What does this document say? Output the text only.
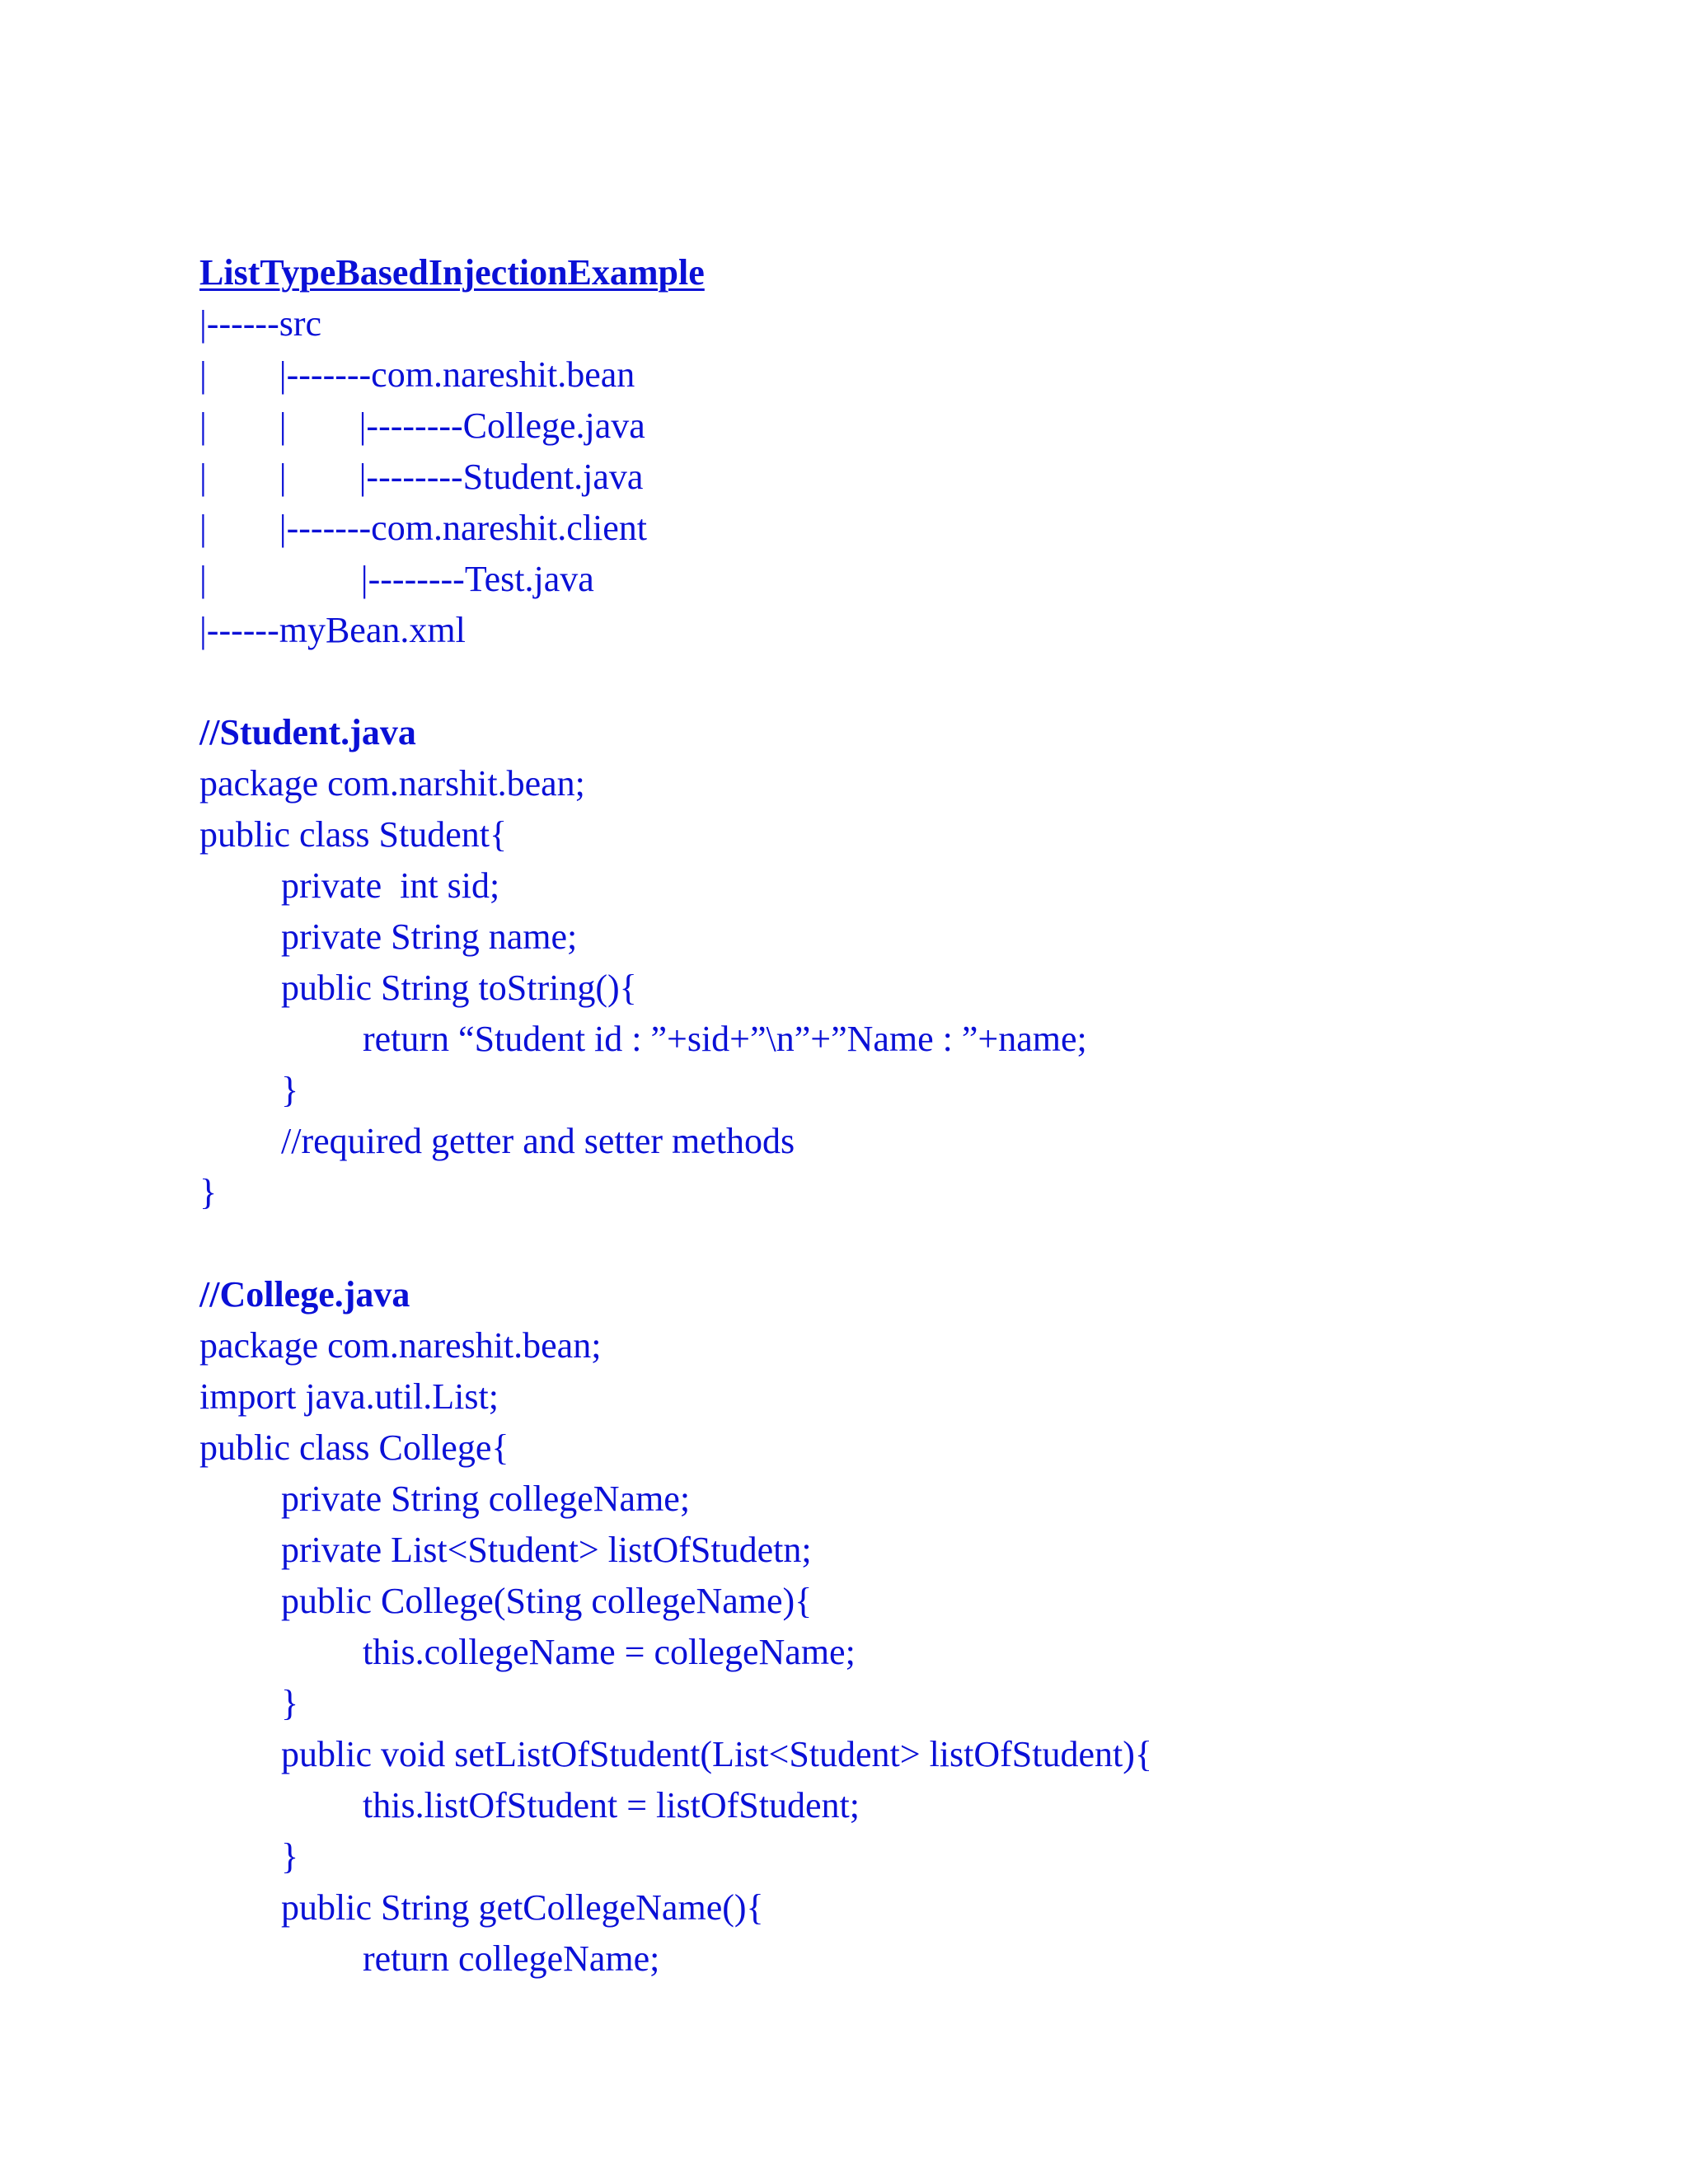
ListTypeBasedInjectionExample
|------src
|        |-------com.nareshit.bean
|        |        |--------College.java
|        |        |--------Student.java
|        |-------com.nareshit.client
|                 |--------Test.java
|------myBean.xml
//Student.java
package com.narshit.bean;
public class Student{
private  int sid;
private String name;
public String toString(){
return “Student id : ”+sid+”\n”+”Name : ”+name;
}
//required getter and setter methods
}
//College.java
package com.nareshit.bean;
import java.util.List;
public class College{
private String collegeName;
private List<Student> listOfStudetn;
public College(Sting collegeName){
this.collegeName = collegeName;
}
public void setListOfStudent(List<Student> listOfStudent){
this.listOfStudent = listOfStudent;
}
public String getCollegeName(){
return collegeName;
